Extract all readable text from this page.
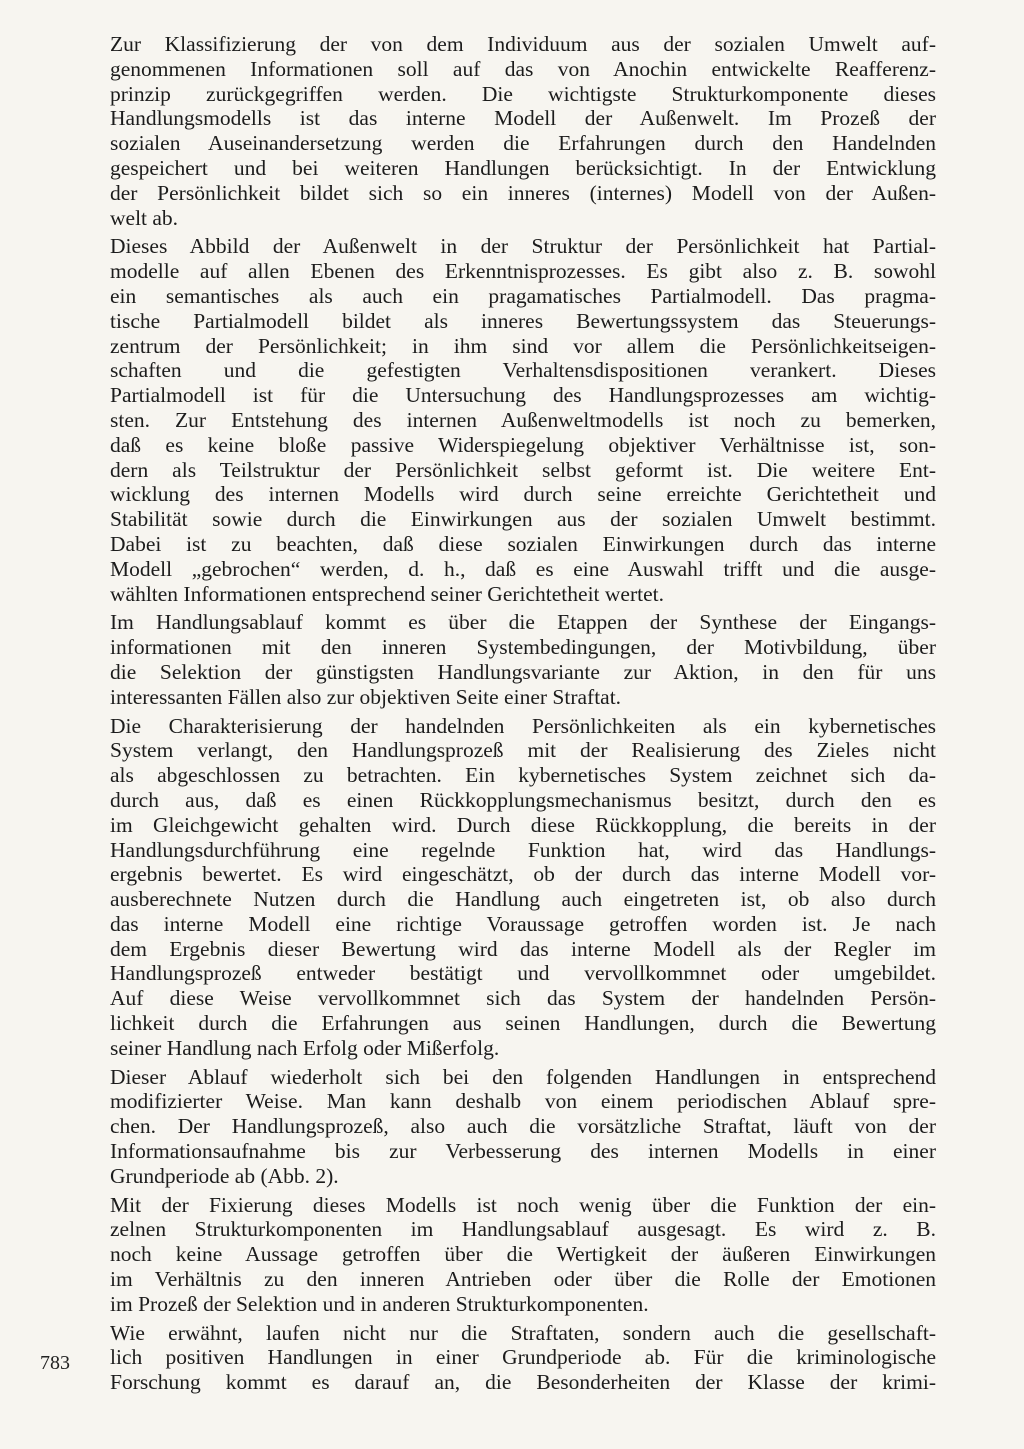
Zur Klassifizierung der von dem Individuum aus der sozialen Umwelt auf-
genommenen Informationen soll auf das von Anochin entwickelte Reafferenz-
prinzip zurückgegriffen werden. Die wichtigste Strukturkomponente dieses
Handlungsmodells ist das interne Modell der Außenwelt. Im Prozeß der
sozialen Auseinandersetzung werden die Erfahrungen durch den Handelnden
gespeichert und bei weiteren Handlungen berücksichtigt. In der Entwicklung
der Persönlichkeit bildet sich so ein inneres (internes) Modell von der Außen-
welt ab.
Dieses Abbild der Außenwelt in der Struktur der Persönlichkeit hat Partial-
modelle auf allen Ebenen des Erkenntnisprozesses. Es gibt also z. B. sowohl
ein semantisches als auch ein pragamatisches Partialmodell. Das pragma-
tische Partialmodell bildet als inneres Bewertungssystem das Steuerungs-
zentrum der Persönlichkeit; in ihm sind vor allem die Persönlichkeitseigen-
schaften und die gefestigten Verhaltensdispositionen verankert. Dieses
Partialmodell ist für die Untersuchung des Handlungsprozesses am wichtig-
sten. Zur Entstehung des internen Außenweltmodells ist noch zu bemerken,
daß es keine bloße passive Widerspiegelung objektiver Verhältnisse ist, son-
dern als Teilstruktur der Persönlichkeit selbst geformt ist. Die weitere Ent-
wicklung des internen Modells wird durch seine erreichte Gerichtetheit und
Stabilität sowie durch die Einwirkungen aus der sozialen Umwelt bestimmt.
Dabei ist zu beachten, daß diese sozialen Einwirkungen durch das interne
Modell „gebrochen“ werden, d. h., daß es eine Auswahl trifft und die ausge-
wählten Informationen entsprechend seiner Gerichtetheit wertet.
Im Handlungsablauf kommt es über die Etappen der Synthese der Eingangs-
informationen mit den inneren Systembedingungen, der Motivbildung, über
die Selektion der günstigsten Handlungsvariante zur Aktion, in den für uns
interessanten Fällen also zur objektiven Seite einer Straftat.
Die Charakterisierung der handelnden Persönlichkeiten als ein kybernetisches
System verlangt, den Handlungsprozeß mit der Realisierung des Zieles nicht
als abgeschlossen zu betrachten. Ein kybernetisches System zeichnet sich da-
durch aus, daß es einen Rückkopplungsmechanismus besitzt, durch den es
im Gleichgewicht gehalten wird. Durch diese Rückkopplung, die bereits in der
Handlungsdurchführung eine regelnde Funktion hat, wird das Handlungs-
ergebnis bewertet. Es wird eingeschätzt, ob der durch das interne Modell vor-
ausberechnete Nutzen durch die Handlung auch eingetreten ist, ob also durch
das interne Modell eine richtige Voraussage getroffen worden ist. Je nach
dem Ergebnis dieser Bewertung wird das interne Modell als der Regler im
Handlungsprozeß entweder bestätigt und vervollkommnet oder umgebildet.
Auf diese Weise vervollkommnet sich das System der handelnden Persön-
lichkeit durch die Erfahrungen aus seinen Handlungen, durch die Bewertung
seiner Handlung nach Erfolg oder Mißerfolg.
Dieser Ablauf wiederholt sich bei den folgenden Handlungen in entsprechend
modifizierter Weise. Man kann deshalb von einem periodischen Ablauf spre-
chen. Der Handlungsprozeß, also auch die vorsätzliche Straftat, läuft von der
Informationsaufnahme bis zur Verbesserung des internen Modells in einer
Grundperiode ab (Abb. 2).
Mit der Fixierung dieses Modells ist noch wenig über die Funktion der ein-
zelnen Strukturkomponenten im Handlungsablauf ausgesagt. Es wird z. B.
noch keine Aussage getroffen über die Wertigkeit der äußeren Einwirkungen
im Verhältnis zu den inneren Antrieben oder über die Rolle der Emotionen
im Prozeß der Selektion und in anderen Strukturkomponenten.
Wie erwähnt, laufen nicht nur die Straftaten, sondern auch die gesellschaft-
lich positiven Handlungen in einer Grundperiode ab. Für die kriminologische
Forschung kommt es darauf an, die Besonderheiten der Klasse der krimi-
783
